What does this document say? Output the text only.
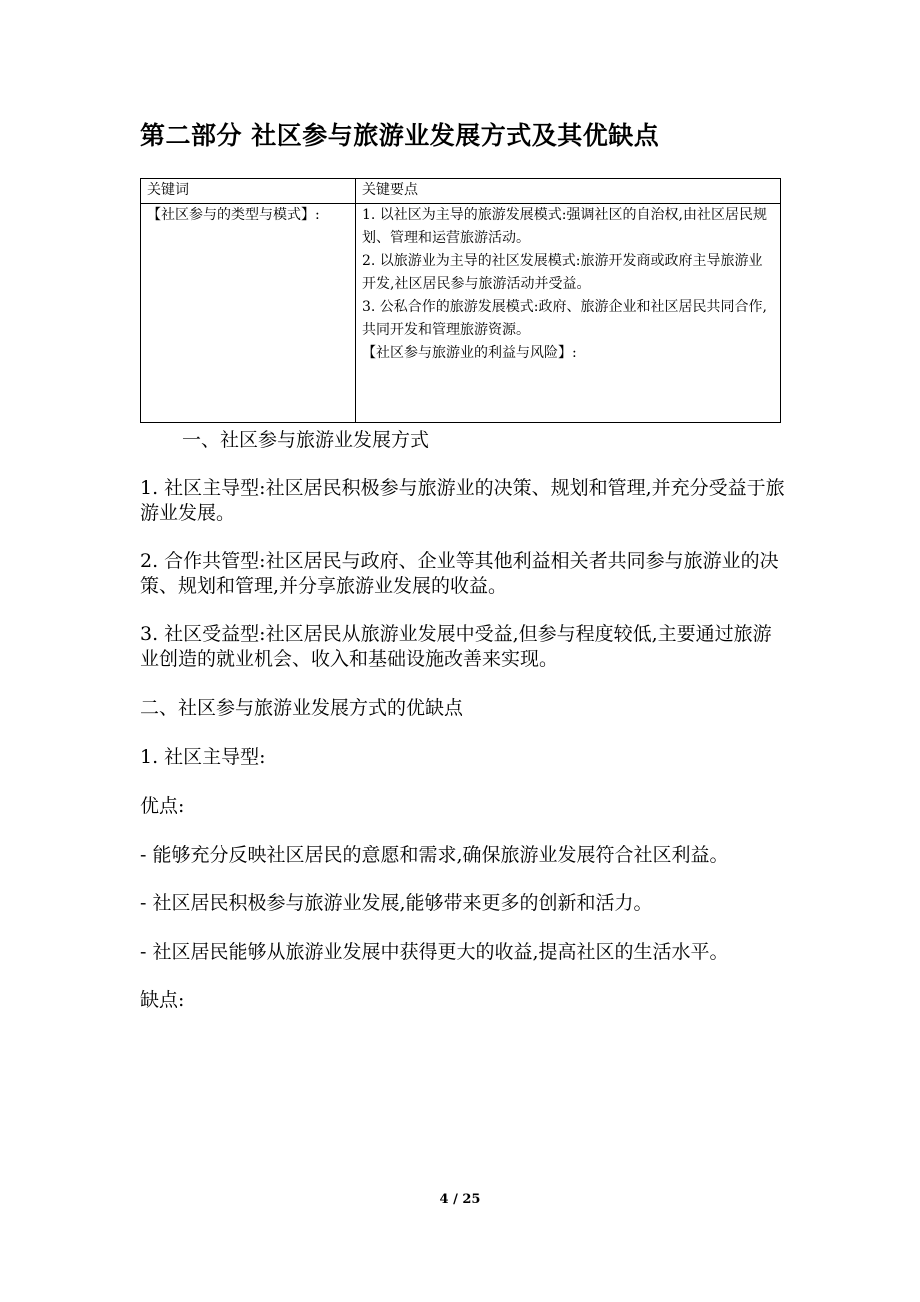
第二部分 社区参与旅游业发展方式及其优缺点
关键词	关键要点
【社区参与的类型与模式】:	1. 以社区为主导的旅游发展模式:强调社区的自治权,由社区居民规划、管理和运营旅游活动。

2. 以旅游业为主导的社区发展模式:旅游开发商或政府主导旅游业开发,社区居民参与旅游活动并受益。

3. 公私合作的旅游发展模式:政府、旅游企业和社区居民共同合作,共同开发和管理旅游资源。

【社区参与旅游业的利益与风险】:

一、社区参与旅游业发展方式

1. 社区主导型:社区居民积极参与旅游业的决策、规划和管理,并充分受益于旅游业发展。

2. 合作共管型:社区居民与政府、企业等其他利益相关者共同参与旅游业的决策、规划和管理,并分享旅游业发展的收益。

3. 社区受益型:社区居民从旅游业发展中受益,但参与程度较低,主要通过旅游业创造的就业机会、收入和基础设施改善来实现。

二、社区参与旅游业发展方式的优缺点

1. 社区主导型:

优点:

- 能够充分反映社区居民的意愿和需求,确保旅游业发展符合社区利益。

- 社区居民积极参与旅游业发展,能够带来更多的创新和活力。

- 社区居民能够从旅游业发展中获得更大的收益,提高社区的生活水平。

缺点:

4 / 25
